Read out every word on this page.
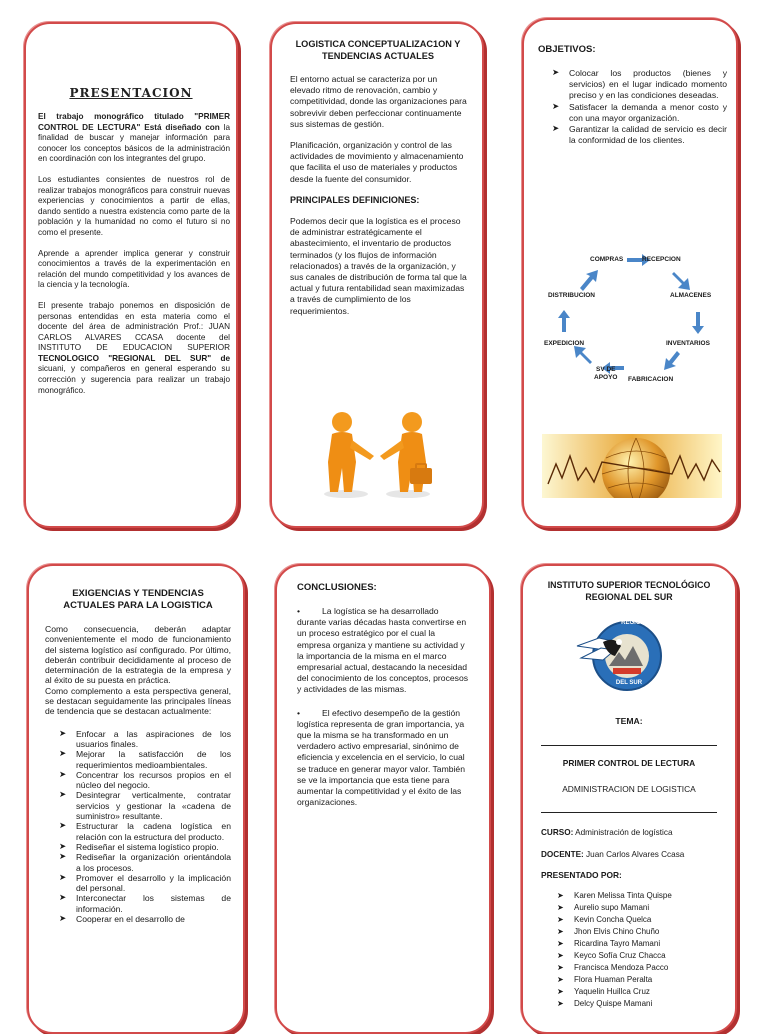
PRESENTACION
El trabajo monográfico titulado "PRIMER CONTROL DE LECTURA" Está diseñado con la finalidad de buscar y manejar información para conocer los conceptos básicos de la administración en coordinación con los integrantes del grupo.
Los estudiantes consientes de nuestros rol de realizar trabajos monográficos para construir nuevas experiencias y conocimientos a partir de ellas, dando sentido a nuestra existencia como parte de la población y la humanidad no como el futuro si no como el presente.
Aprende a aprender implica generar y construir conocimientos a través de la experimentación en relación del mundo competitividad y los avances de la ciencia y la tecnología.
El presente trabajo ponemos en disposición de personas entendidas en esta materia como el docente del área de administración Prof.: JUAN CARLOS ALVARES CCASA docente del INSTITUTO DE EDUCACION SUPERIOR TECNOLOGICO "REGIONAL DEL SUR" de sicuani, y compañeros en general esperando su corrección y sugerencia para realizar un trabajo monográfico.
LOGISTICA CONCEPTUALIZAC1ON Y TENDENCIAS ACTUALES
El entorno actual se caracteriza por un elevado ritmo de renovación, cambio y competitividad, donde las organizaciones para sobrevivir deben perfeccionar continuamente sus sistemas de gestión.
Planificación, organización y control de las actividades de movimiento y almacenamiento que facilita el uso de materiales y productos desde la fuente del consumidor.
PRINCIPALES DEFINICIONES:
Podemos decir que la logística es el proceso de administrar estratégicamente el abastecimiento, el inventario de productos terminados (y los flujos de información relacionados) a través de la organización, y sus canales de distribución de forma tal que la actual y futura rentabilidad sean maximizadas a través de cumplimiento de los requerimientos.
OBJETIVOS:
➤ Colocar los productos (bienes y servicios) en el lugar indicado momento preciso y en las condiciones deseadas.
➤ Satisfacer la demanda a menor costo y con una mayor organización.
➤ Garantizar la calidad de servicio es decir la conformidad de los clientes.
COMPRAS	RECEPCION
ALMACENES
INVENTARIOS
FABRICACION
SV DE
APOYO
EXPEDICION
DISTRIBUCION
EXIGENCIAS Y TENDENCIAS ACTUALES PARA LA LOGISTICA
Como consecuencia, deberán adaptar convenientemente el modo de funcionamiento del sistema logístico así configurado. Por último, deberán contribuir decididamente al proceso de determinación de la estrategia de la empresa y al éxito de su puesta en práctica.
Como complemento a esta perspectiva general, se destacan seguidamente las principales líneas de tendencia que se destacan actualmente:
➤ Enfocar a las aspiraciones de los usuarios finales.
➤ Mejorar la satisfacción de los requerimientos medioambientales.
➤ Concentrar los recursos propios en el núcleo del negocio.
➤ Desintegrar verticalmente, contratar servicios y gestionar la «cadena de suministro» resultante.
➤ Estructurar la cadena logística en relación con la estructura del producto.
➤ Rediseñar el sistema logístico propio.
➤ Rediseñar la organización orientándola a los procesos.
➤ Promover el desarrollo y la implicación del personal.
➤ Interconectar los sistemas de información.
➤ Cooperar en el desarrollo de
CONCLUSIONES:
•	La logística se ha desarrollado durante varias décadas hasta convertirse en un proceso estratégico por el cual la empresa organiza y mantiene su actividad y la importancia de la misma en el marco empresarial actual, destacando la necesidad del conocimiento de los conceptos, procesos y actividades de las mismas.
•	El efectivo desempeño de la gestión logística representa de gran importancia, ya que la misma se ha transformado en un verdadero activo empresarial, sinónimo de eficiencia y excelencia en el servicio, lo cual se traduce en generar mayor valor. También se ve la importancia que esta tiene para aumentar la competitividad y el éxito de las organizaciones.
INSTITUTO SUPERIOR TECNOLÓGICO REGIONAL DEL SUR
REGIONAL
DEL SUR
TEMA:
PRIMER CONTROL DE LECTURA
ADMINISTRACION DE LOGISTICA
CURSO: Administración de logística
DOCENTE: Juan Carlos Alvares Ccasa
PRESENTADO POR:
➤ Karen Melissa Tinta Quispe
➤ Aurelio supo Mamani
➤ Kevin Concha Quelca
➤ Jhon Elvis Chino Chuño
➤ Ricardina Tayro Mamani
➤ Keyco Sofía Cruz Chacca
➤ Francisca Mendoza Pacco
➤ Flora Huaman Peralta
➤ Yaquelin Huillca Cruz
➤ Delcy Quispe Mamani
